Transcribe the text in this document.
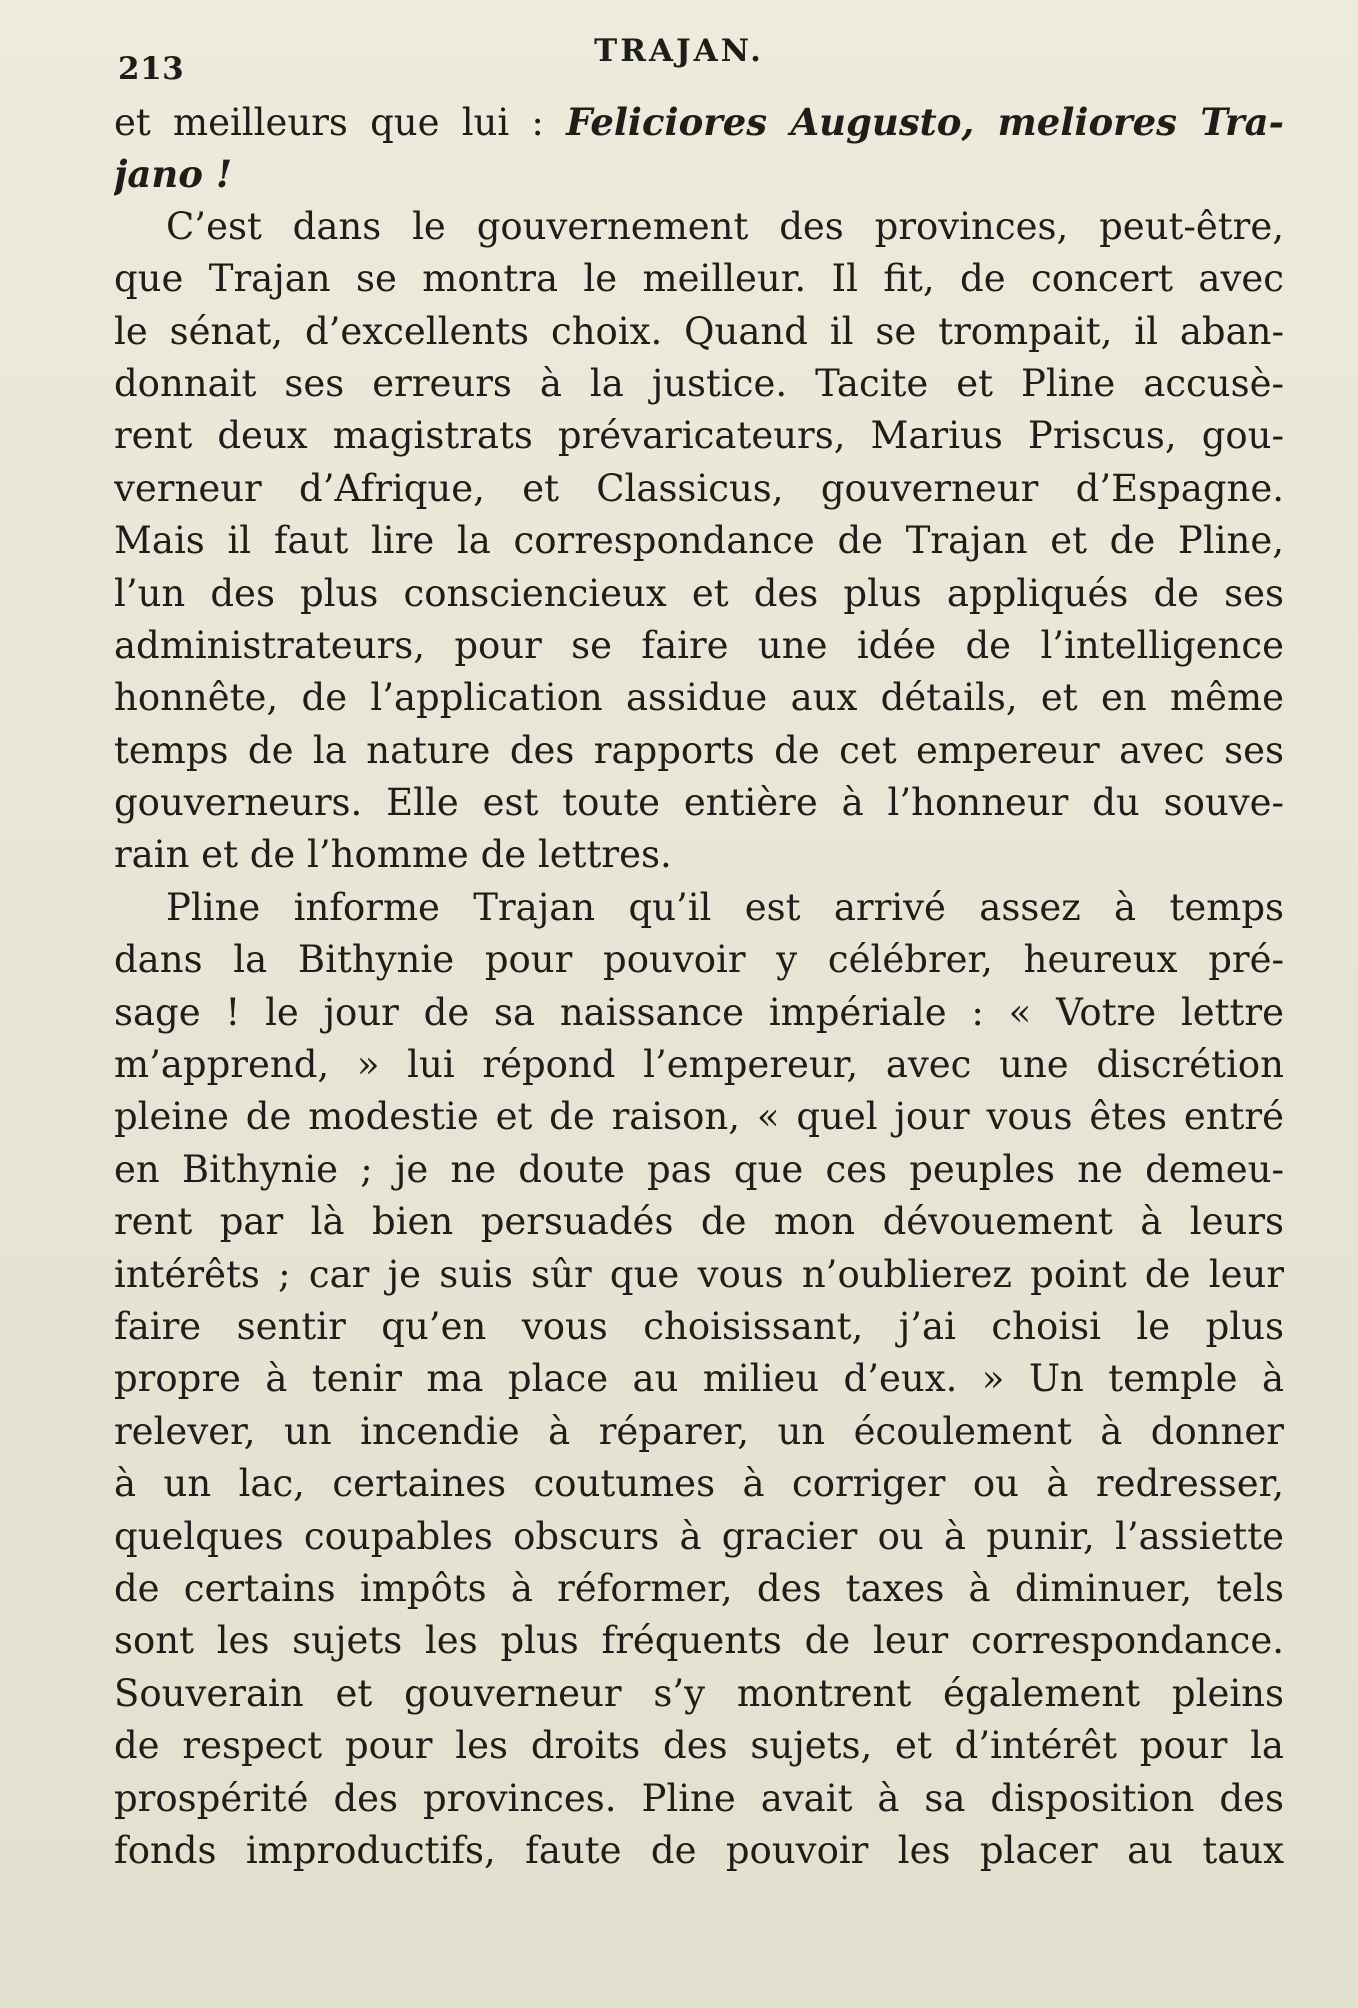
213	TRAJAN.
et meilleurs que lui : Feliciores Augusto, meliores Tra-
jano !
C’est dans le gouvernement des provinces, peut-être,
que Trajan se montra le meilleur. Il fit, de concert avec
le sénat, d’excellents choix. Quand il se trompait, il aban-
donnait ses erreurs à la justice. Tacite et Pline accusè-
rent deux magistrats prévaricateurs, Marius Priscus, gou-
verneur d’Afrique, et Classicus, gouverneur d’Espagne.
Mais il faut lire la correspondance de Trajan et de Pline,
l’un des plus consciencieux et des plus appliqués de ses
administrateurs, pour se faire une idée de l’intelligence
honnête, de l’application assidue aux détails, et en même
temps de la nature des rapports de cet empereur avec ses
gouverneurs. Elle est toute entière à l’honneur du souve-
rain et de l’homme de lettres.
Pline informe Trajan qu’il est arrivé assez à temps
dans la Bithynie pour pouvoir y célébrer, heureux pré-
sage ! le jour de sa naissance impériale : « Votre lettre
m’apprend, » lui répond l’empereur, avec une discrétion
pleine de modestie et de raison, « quel jour vous êtes entré
en Bithynie ; je ne doute pas que ces peuples ne demeu-
rent par là bien persuadés de mon dévouement à leurs
intérêts ; car je suis sûr que vous n’oublierez point de leur
faire sentir qu’en vous choisissant, j’ai choisi le plus
propre à tenir ma place au milieu d’eux. » Un temple à
relever, un incendie à réparer, un écoulement à donner
à un lac, certaines coutumes à corriger ou à redresser,
quelques coupables obscurs à gracier ou à punir, l’assiette
de certains impôts à réformer, des taxes à diminuer, tels
sont les sujets les plus fréquents de leur correspondance.
Souverain et gouverneur s’y montrent également pleins
de respect pour les droits des sujets, et d’intérêt pour la
prospérité des provinces. Pline avait à sa disposition des
fonds improductifs, faute de pouvoir les placer au taux
